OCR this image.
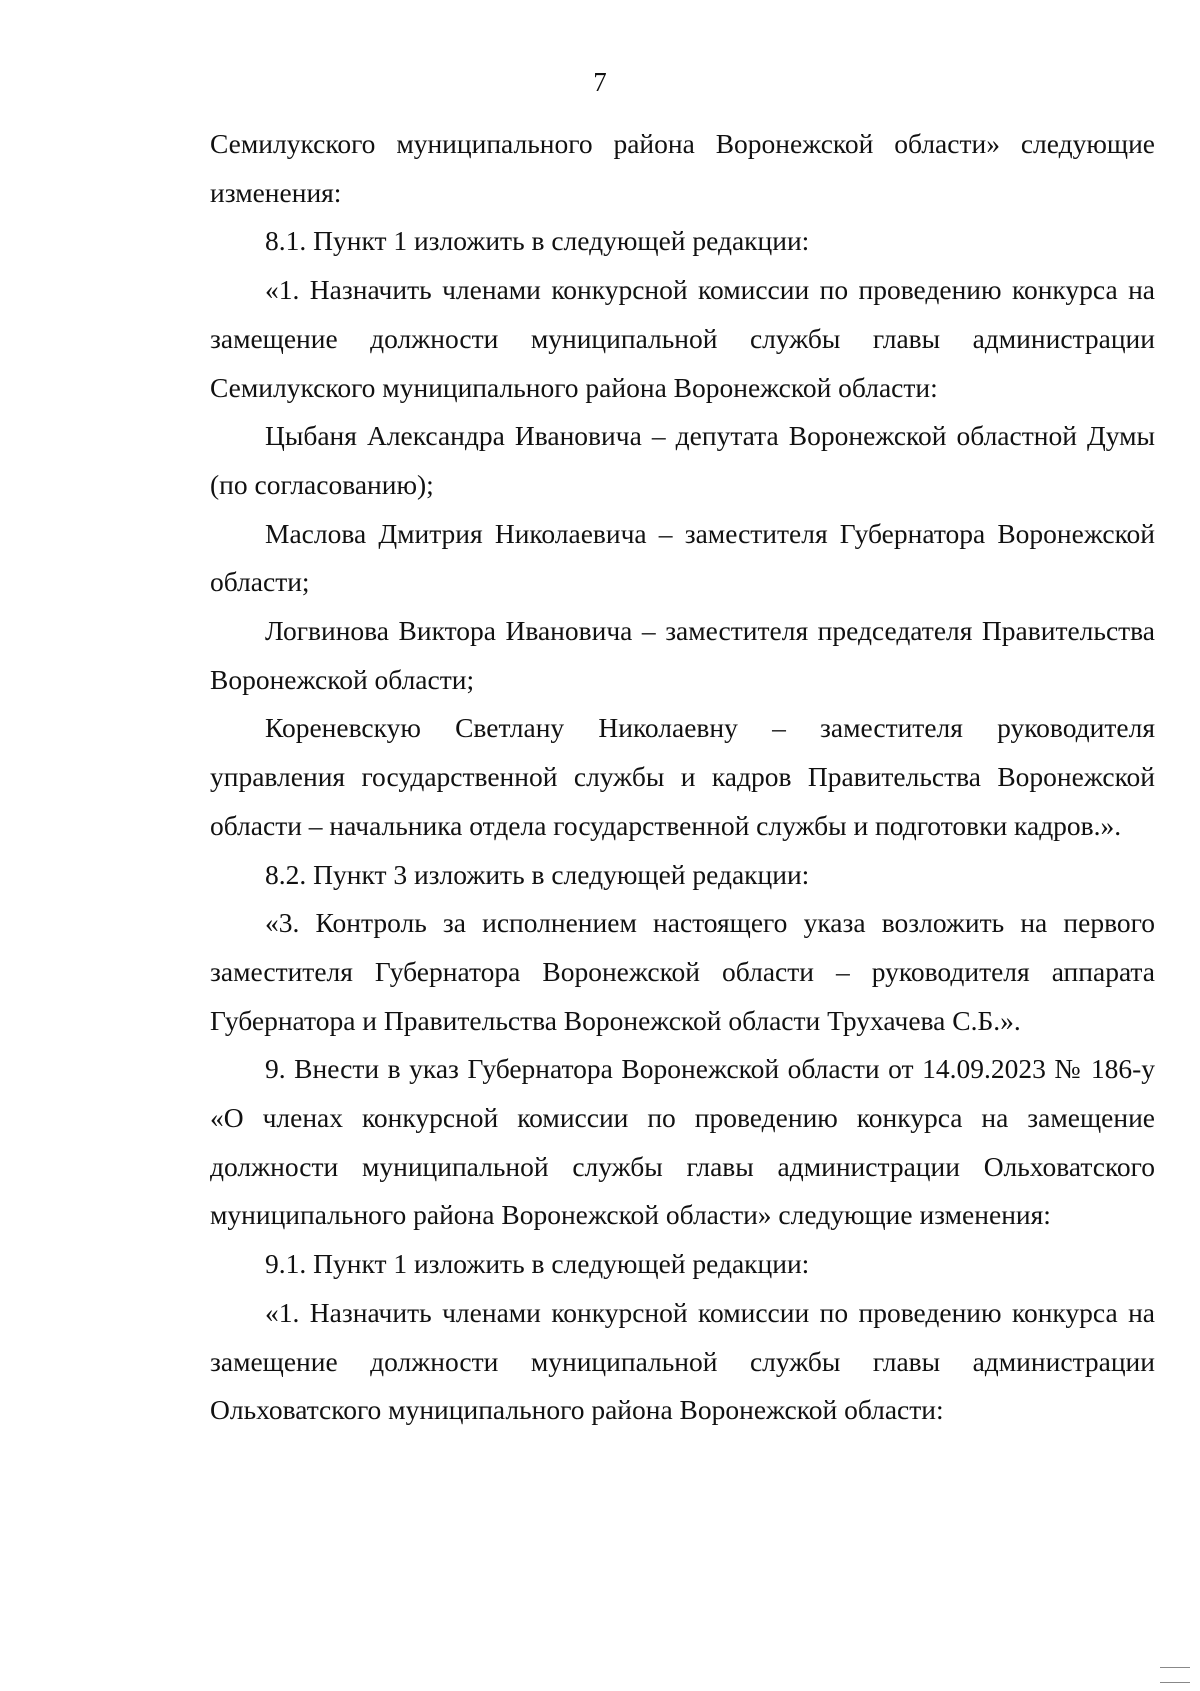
7

Семилукского муниципального района Воронежской области» следующие изменения:

8.1. Пункт 1 изложить в следующей редакции:

«1. Назначить членами конкурсной комиссии по проведению конкурса на замещение должности муниципальной службы главы администрации Семилукского муниципального района Воронежской области:

Цыбаня Александра Ивановича – депутата Воронежской областной Думы (по согласованию);

Маслова Дмитрия Николаевича – заместителя Губернатора Воронежской области;

Логвинова Виктора Ивановича – заместителя председателя Правительства Воронежской области;

Кореневскую Светлану Николаевну – заместителя руководителя управления государственной службы и кадров Правительства Воронежской области – начальника отдела государственной службы и подготовки кадров.».

8.2. Пункт 3 изложить в следующей редакции:

«3. Контроль за исполнением настоящего указа возложить на первого заместителя Губернатора Воронежской области – руководителя аппарата Губернатора и Правительства Воронежской области Трухачева С.Б.».

9. Внести в указ Губернатора Воронежской области от 14.09.2023 № 186-у «О членах конкурсной комиссии по проведению конкурса на замещение должности муниципальной службы главы администрации Ольховатского муниципального района Воронежской области» следующие изменения:

9.1. Пункт 1 изложить в следующей редакции:

«1. Назначить членами конкурсной комиссии по проведению конкурса на замещение должности муниципальной службы главы администрации Ольховатского муниципального района Воронежской области:
